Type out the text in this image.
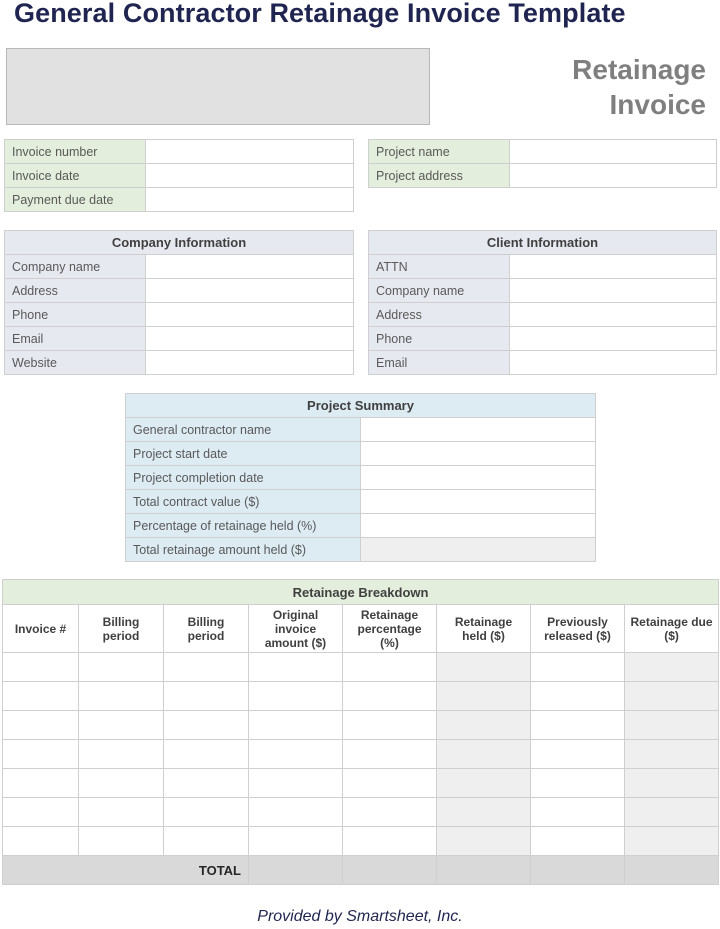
General Contractor Retainage Invoice Template
Retainage
Invoice
Invoice number	
Invoice date	
Payment due date	
Project name	
Project address	
Company Information	
Company name	
Address	
Phone	
Email	
Website	
Client Information	
ATTN	
Company name	
Address	
Phone	
Email	
Project Summary	
General contractor name	
Project start date	
Project completion date	
Total contract value ($)	
Percentage of retainage held (%)	
Total retainage amount held ($)	
Retainage Breakdown							
Invoice #	Billing period	Billing period	Original invoice amount ($)	Retainage percentage (%)	Retainage held ($)	Previously released ($)	Retainage due ($)

TOTAL							
Provided by Smartsheet, Inc.
